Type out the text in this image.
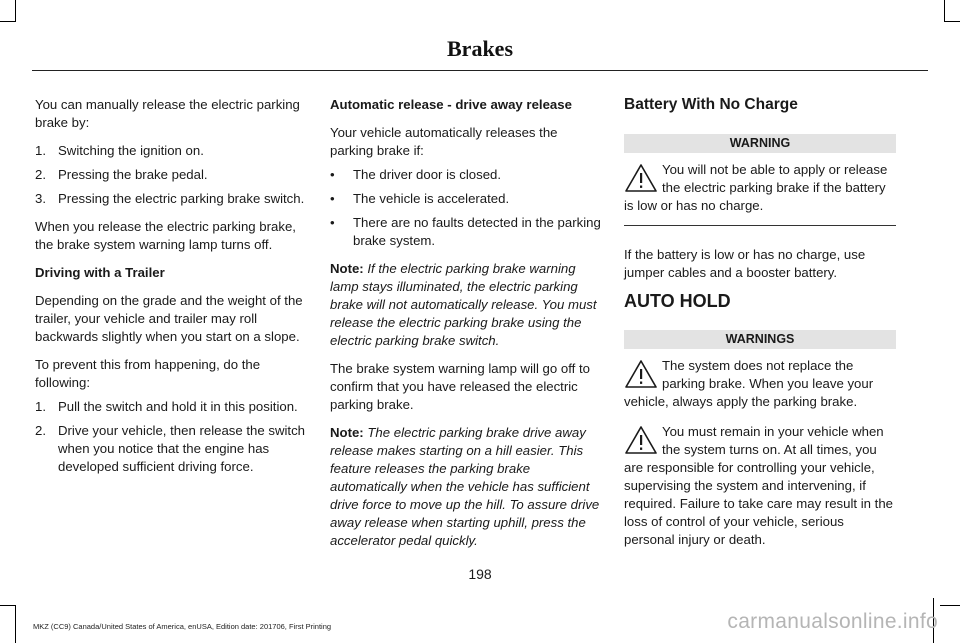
Brakes

You can manually release the electric parking brake by:

1. Switching the ignition on.
2. Pressing the brake pedal.
3. Pressing the electric parking brake switch.

When you release the electric parking brake, the brake system warning lamp turns off.

Driving with a Trailer

Depending on the grade and the weight of the trailer, your vehicle and trailer may roll backwards slightly when you start on a slope.

To prevent this from happening, do the following:

1. Pull the switch and hold it in this position.
2. Drive your vehicle, then release the switch when you notice that the engine has developed sufficient driving force.

Automatic release - drive away release

Your vehicle automatically releases the parking brake if:

• The driver door is closed.
• The vehicle is accelerated.
• There are no faults detected in the parking brake system.

Note: If the electric parking brake warning lamp stays illuminated, the electric parking brake will not automatically release. You must release the electric parking brake using the electric parking brake switch.

The brake system warning lamp will go off to confirm that you have released the electric parking brake.

Note: The electric parking brake drive away release makes starting on a hill easier. This feature releases the parking brake automatically when the vehicle has sufficient drive force to move up the hill. To assure drive away release when starting uphill, press the accelerator pedal quickly.

Battery With No Charge
WARNING

You will not be able to apply or release the electric parking brake if the battery is low or has no charge.

If the battery is low or has no charge, use jumper cables and a booster battery.

AUTO HOLD
WARNINGS

The system does not replace the parking brake. When you leave your vehicle, always apply the parking brake.

You must remain in your vehicle when the system turns on. At all times, you are responsible for controlling your vehicle, supervising the system and intervening, if required. Failure to take care may result in the loss of control of your vehicle, serious personal injury or death.

198
MKZ (CC9) Canada/United States of America, enUSA, Edition date: 201706, First Printing	carmanualsonline.info
